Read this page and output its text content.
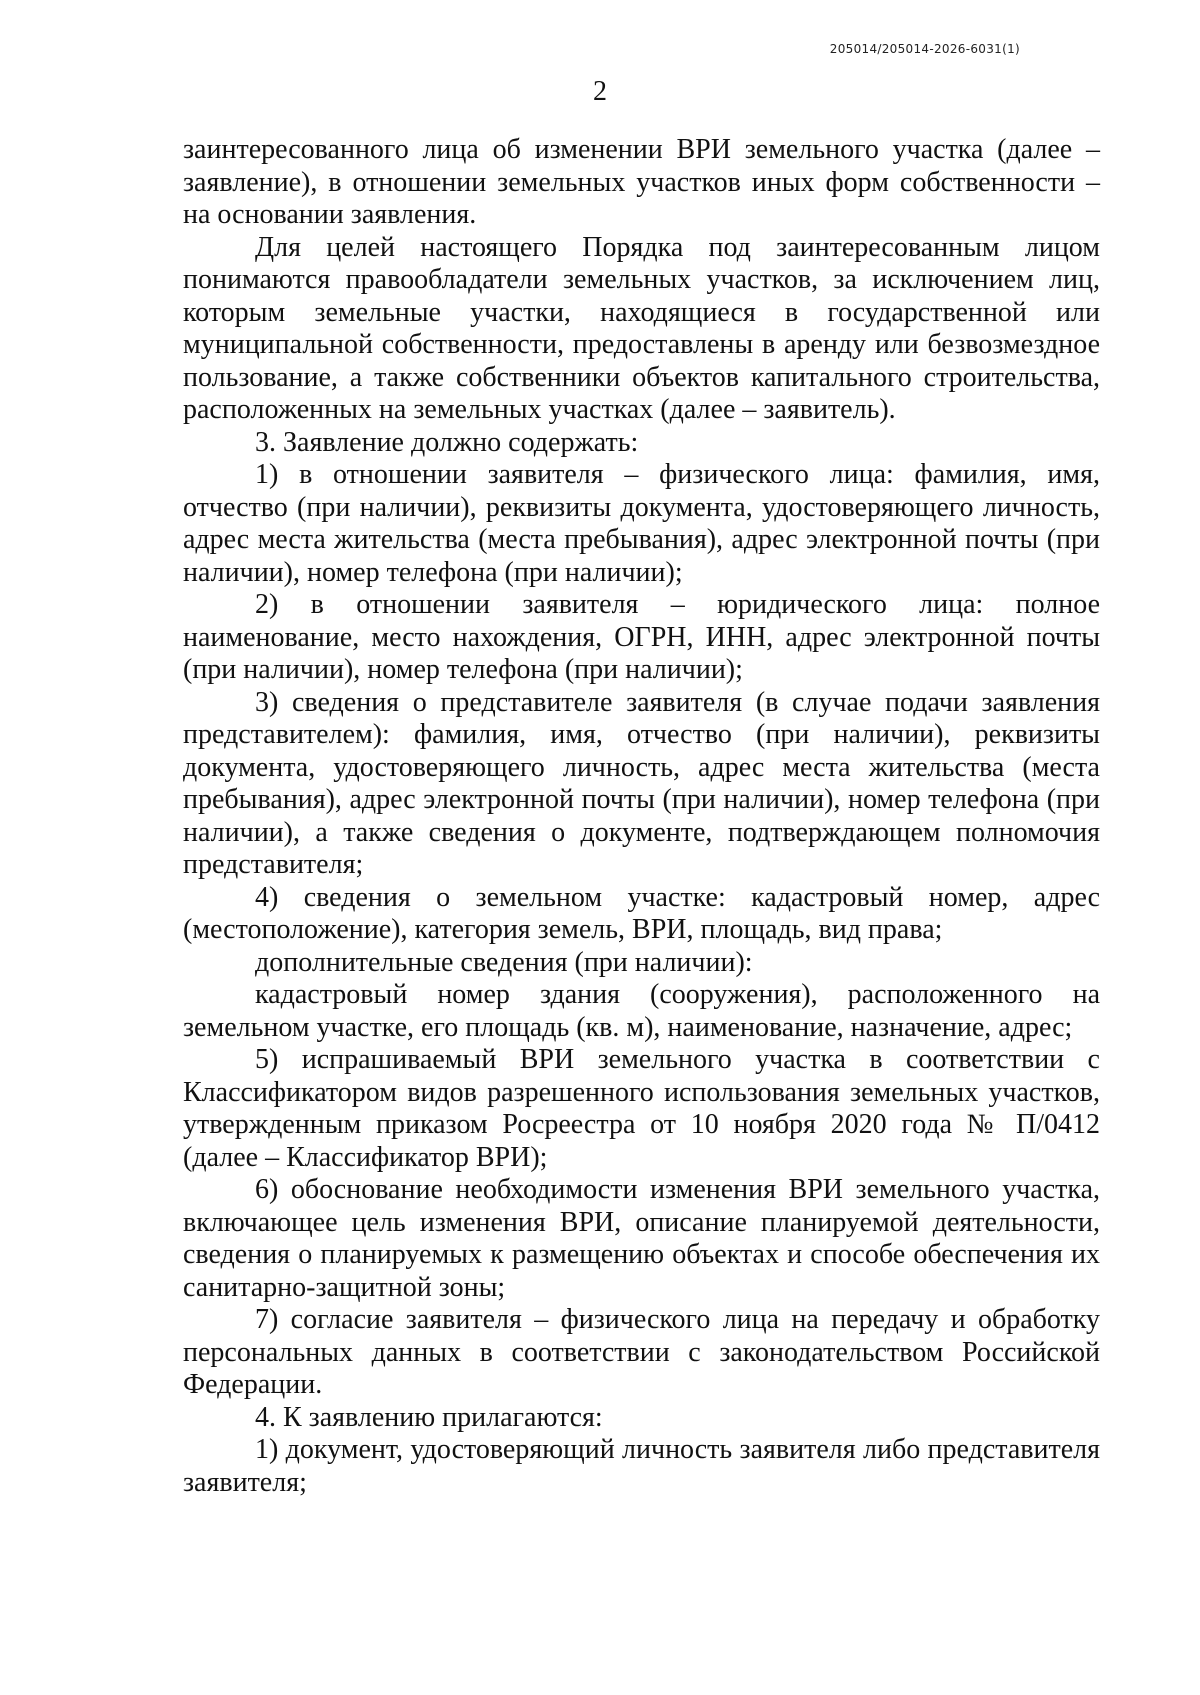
205014/205014-2026-6031(1)
2

заинтересованного лица об изменении ВРИ земельного участка (далее – заявление), в отношении земельных участков иных форм собственности – на основании заявления.

Для целей настоящего Порядка под заинтересованным лицом понимаются правообладатели земельных участков, за исключением лиц, которым земельные участки, находящиеся в государственной или муниципальной собственности, предоставлены в аренду или безвозмездное пользование, а также собственники объектов капитального строительства, расположенных на земельных участках (далее – заявитель).

3. Заявление должно содержать:

1) в отношении заявителя – физического лица: фамилия, имя, отчество (при наличии), реквизиты документа, удостоверяющего личность, адрес места жительства (места пребывания), адрес электронной почты (при наличии), номер телефона (при наличии);

2) в отношении заявителя – юридического лица: полное наименование, место нахождения, ОГРН, ИНН, адрес электронной почты (при наличии), номер телефона (при наличии);

3) сведения о представителе заявителя (в случае подачи заявления представителем): фамилия, имя, отчество (при наличии), реквизиты документа, удостоверяющего личность, адрес места жительства (места пребывания), адрес электронной почты (при наличии), номер телефона (при наличии), а также сведения о документе, подтверждающем полномочия представителя;

4) сведения о земельном участке: кадастровый номер, адрес (местоположение), категория земель, ВРИ, площадь, вид права;

дополнительные сведения (при наличии):

кадастровый номер здания (сооружения), расположенного на земельном участке, его площадь (кв. м), наименование, назначение, адрес;

5) испрашиваемый ВРИ земельного участка в соответствии с Классификатором видов разрешенного использования земельных участков, утвержденным приказом Росреестра от 10 ноября 2020 года № П/0412 (далее – Классификатор ВРИ);

6) обоснование необходимости изменения ВРИ земельного участка, включающее цель изменения ВРИ, описание планируемой деятельности, сведения о планируемых к размещению объектах и способе обеспечения их санитарно-защитной зоны;

7) согласие заявителя – физического лица на передачу и обработку персональных данных в соответствии с законодательством Российской Федерации.

4. К заявлению прилагаются:

1) документ, удостоверяющий личность заявителя либо представителя заявителя;
